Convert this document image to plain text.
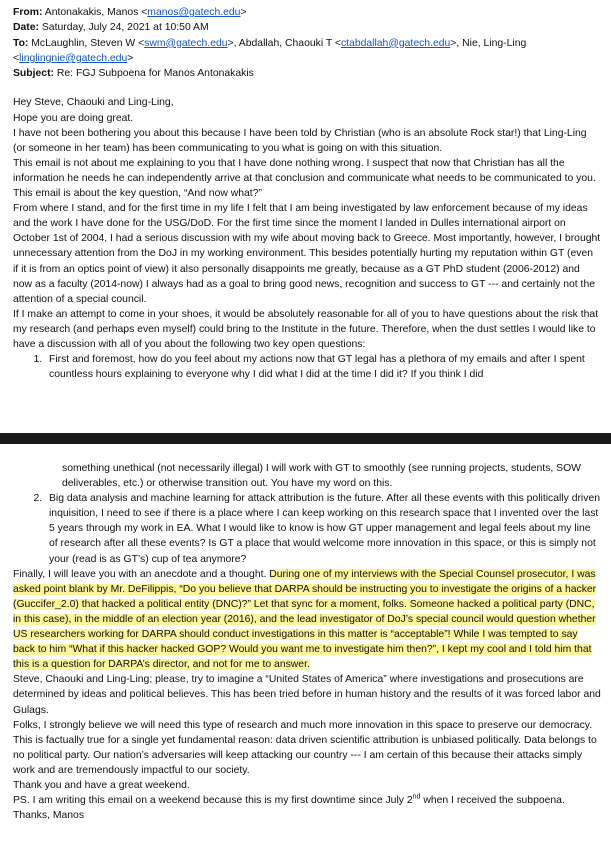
From: Antonakakis, Manos <manos@gatech.edu>

Date: Saturday, July 24, 2021 at 10:50 AM

To: McLaughlin, Steven W <swm@gatech.edu>, Abdallah, Chaouki T <ctabdallah@gatech.edu>, Nie, Ling-Ling
<linglingnie@gatech.edu>

Subject: Re: FGJ Subpoena for Manos Antonakakis

Hey Steve, Chaouki and Ling-Ling,

Hope you are doing great.

I have not been bothering you about this because I have been told by Christian (who is an absolute Rock star!) that Ling-Ling (or someone in her team) has been communicating to you what is going on with this situation.

This email is not about me explaining to you that I have done nothing wrong. I suspect that now that Christian has all the information he needs he can independently arrive at that conclusion and communicate what needs to be communicated to you.

This email is about the key question, “And now what?”

From where I stand, and for the first time in my life I felt that I am being investigated by law enforcement because of my ideas and the work I have done for the USG/DoD. For the first time since the moment I landed in Dulles international airport on October 1st of 2004, I had a serious discussion with my wife about moving back to Greece. Most importantly, however, I brought unnecessary attention from the DoJ in my working environment. This besides potentially hurting my reputation within GT (even if it is from an optics point of view) it also personally disappoints me greatly, because as a GT PhD student (2006-2012) and now as a faculty (2014-now) I always had as a goal to bring good news, recognition and success to GT --- and certainly not the attention of a special council.

If I make an attempt to come in your shoes, it would be absolutely reasonable for all of you to have questions about the risk that my research (and perhaps even myself) could bring to the Institute in the future. Therefore, when the dust settles I would like to have a discussion with all of you about the following two key open questions:

1. First and foremost, how do you feel about my actions now that GT legal has a plethora of my emails and after I spent countless hours explaining to everyone why I did what I did at the time I did it? If you think I did
something unethical (not necessarily illegal) I will work with GT to smoothly (see running projects, students, SOW deliverables, etc.) or otherwise transition out. You have my word on this.
2. Big data analysis and machine learning for attack attribution is the future. After all these events with this politically driven inquisition, I need to see if there is a place where I can keep working on this research space that I invented over the last 5 years through my work in EA. What I would like to know is how GT upper management and legal feels about my line of research after all these events? Is GT a place that would welcome more innovation in this space, or this is simply not your (read is as GT’s) cup of tea anymore?

Finally, I will leave you with an anecdote and a thought. During one of my interviews with the Special Counsel prosecutor, I was asked point blank by Mr. DeFilippis, “Do you believe that DARPA should be instructing you to investigate the origins of a hacker (Guccifer_2.0) that hacked a political entity (DNC)?” Let that sync for a moment, folks. Someone hacked a political party (DNC, in this case), in the middle of an election year (2016), and the lead investigator of DoJ’s special council would question whether US researchers working for DARPA should conduct investigations in this matter is “acceptable”! While I was tempted to say back to him “What if this hacker hacked GOP? Would you want me to investigate him then?”, I kept my cool and I told him that this is a question for DARPA’s director, and not for me to answer.

Steve, Chaouki and Ling-Ling; please, try to imagine a “United States of America” where investigations and prosecutions are determined by ideas and political believes. This has been tried before in human history and the results of it was forced labor and Gulags.

Folks, I strongly believe we will need this type of research and much more innovation in this space to preserve our democracy. This is factually true for a single yet fundamental reason: data driven scientific attribution is unbiased politically. Data belongs to no political party. Our nation’s adversaries will keep attacking our country --- I am certain of this because their attacks simply work and are tremendously impactful to our society.

Thank you and have a great weekend.

PS. I am writing this email on a weekend because this is my first downtime since July 2nd when I received the subpoena.

Thanks, Manos
